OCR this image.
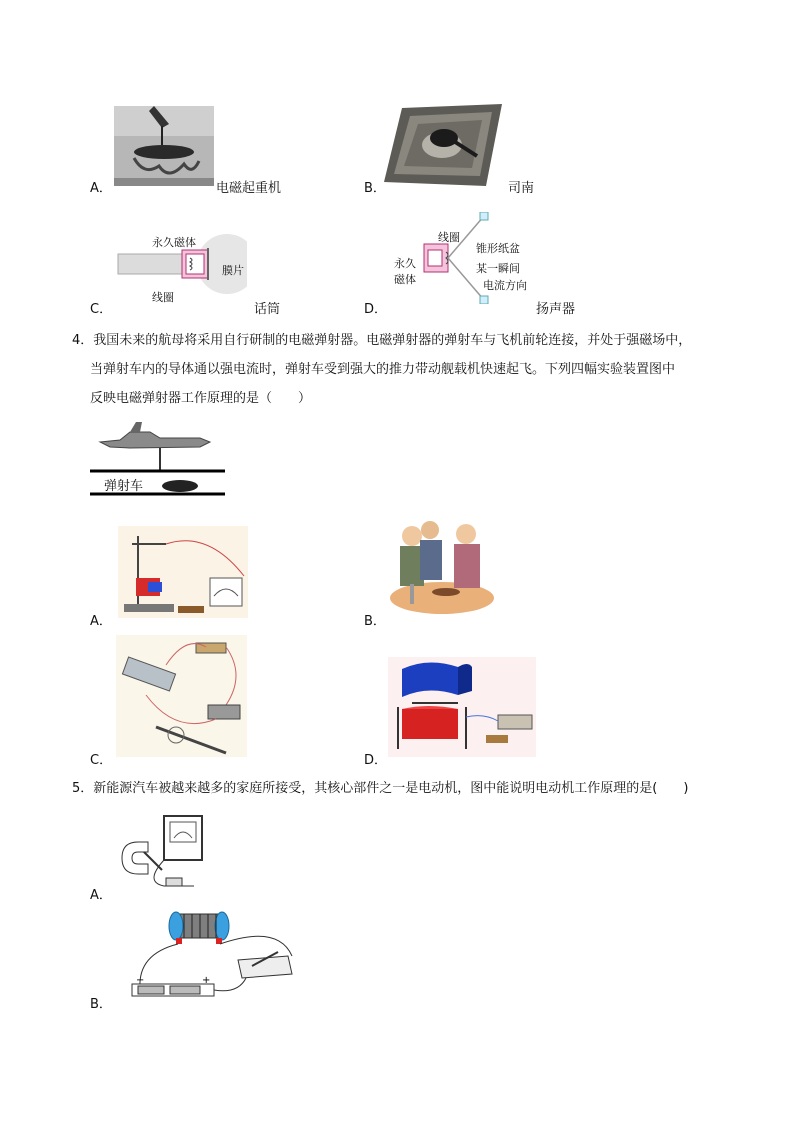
A．	电磁起重机	B．	司南
永久磁体
膜片
线圈
C．	话筒
线圈
永久
磁体
锥形纸盆
某一瞬间
电流方向
D．	扬声器
4．我国未来的航母将采用自行研制的电磁弹射器。电磁弹射器的弹射车与飞机前轮连接，并处于强磁场中，
当弹射车内的导体通以强电流时，弹射车受到强大的推力带动舰载机快速起飞。下列四幅实验装置图中
反映电磁弹射器工作原理的是（　　）
弹射车
A．	B．
C．	D．
5．新能源汽车被越来越多的家庭所接受，其核心部件之一是电动机，图中能说明电动机工作原理的是(　　)
A．
−	+
B．
